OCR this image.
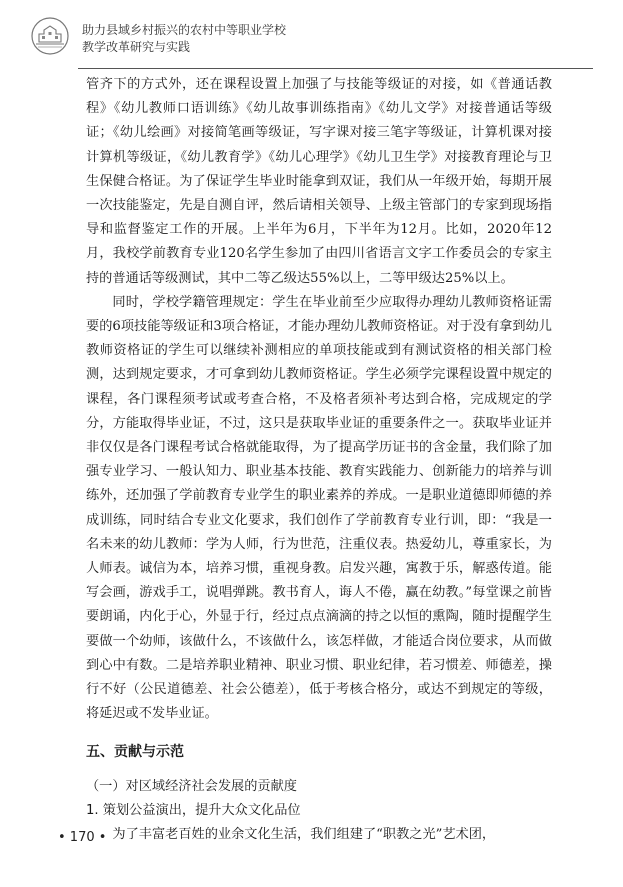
助力县域乡村振兴的农村中等职业学校
教学改革研究与实践

管齐下的方式外，还在课程设置上加强了与技能等级证的对接，如《普通话教程》《幼儿教师口语训练》《幼儿故事训练指南》《幼儿文学》对接普通话等级证；《幼儿绘画》对接简笔画等级证，写字课对接三笔字等级证，计算机课对接计算机等级证，《幼儿教育学》《幼儿心理学》《幼儿卫生学》对接教育理论与卫生保健合格证。为了保证学生毕业时能拿到双证，我们从一年级开始，每期开展一次技能鉴定，先是自测自评，然后请相关领导、上级主管部门的专家到现场指导和监督鉴定工作的开展。上半年为6月，下半年为12月。比如，2020年12月，我校学前教育专业120名学生参加了由四川省语言文字工作委员会的专家主持的普通话等级测试，其中二等乙级达55%以上，二等甲级达25%以上。

同时，学校学籍管理规定：学生在毕业前至少应取得办理幼儿教师资格证需要的6项技能等级证和3项合格证，才能办理幼儿教师资格证。对于没有拿到幼儿教师资格证的学生可以继续补测相应的单项技能或到有测试资格的相关部门检测，达到规定要求，才可拿到幼儿教师资格证。学生必须学完课程设置中规定的课程，各门课程须考试或考查合格，不及格者须补考达到合格，完成规定的学分，方能取得毕业证，不过，这只是获取毕业证的重要条件之一。获取毕业证并非仅仅是各门课程考试合格就能取得，为了提高学历证书的含金量，我们除了加强专业学习、一般认知力、职业基本技能、教育实践能力、创新能力的培养与训练外，还加强了学前教育专业学生的职业素养的养成。一是职业道德即师德的养成训练，同时结合专业文化要求，我们创作了学前教育专业行训，即：“我是一名未来的幼儿教师：学为人师，行为世范，注重仪表。热爱幼儿，尊重家长，为人师表。诚信为本，培养习惯，重视身教。启发兴趣，寓教于乐，解惑传道。能写会画，游戏手工，说唱弹跳。教书育人，诲人不倦，赢在幼教。”每堂课之前皆要朗诵，内化于心，外显于行，经过点点滴滴的持之以恒的熏陶，随时提醒学生要做一个幼师，该做什么，不该做什么，该怎样做，才能适合岗位要求，从而做到心中有数。二是培养职业精神、职业习惯、职业纪律，若习惯差、师德差，操行不好（公民道德差、社会公德差），低于考核合格分，或达不到规定的等级，将延迟或不发毕业证。

五、贡献与示范

（一）对区域经济社会发展的贡献度

1. 策划公益演出，提升大众文化品位

为了丰富老百姓的业余文化生活，我们组建了“职教之光”艺术团，

• 170 •
